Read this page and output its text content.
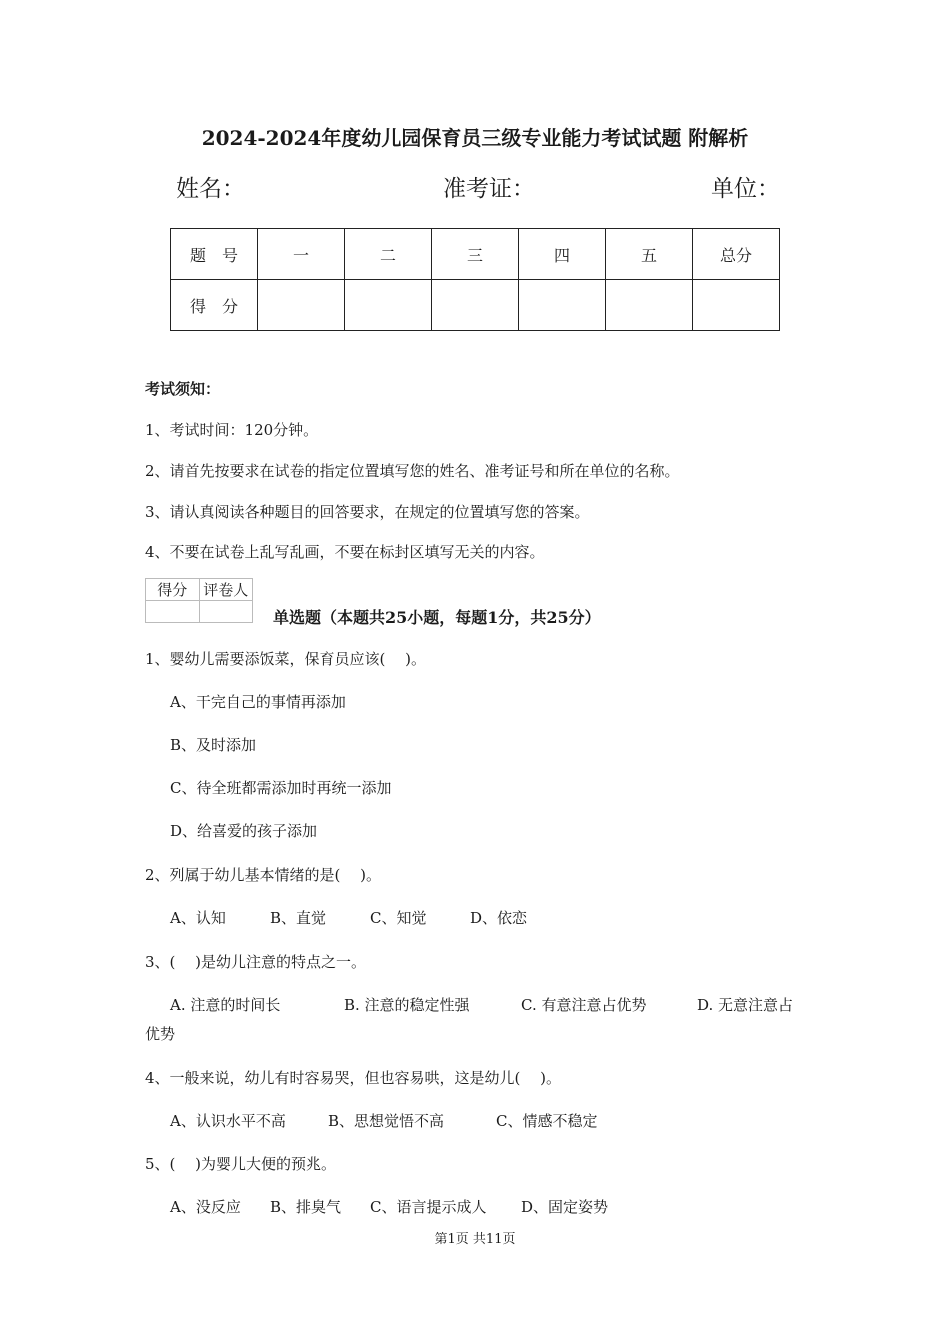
2024-2024年度幼儿园保育员三级专业能力考试试题 附解析
姓名：	准考证：	单位：
题　号	一	二	三	四	五	总分
得　分						
考试须知：
1、考试时间：120分钟。
2、请首先按要求在试卷的指定位置填写您的姓名、准考证号和所在单位的名称。
3、请认真阅读各种题目的回答要求，在规定的位置填写您的答案。
4、不要在试卷上乱写乱画，不要在标封区填写无关的内容。
得分	评卷人

单选题（本题共25小题，每题1分，共25分）
1、婴幼儿需要添饭菜，保育员应该(　 )。
A、干完自己的事情再添加
B、及时添加
C、待全班都需添加时再统一添加
D、给喜爱的孩子添加
2、列属于幼儿基本情绪的是(　 )。
A、认知	B、直觉	C、知觉	D、依恋
3、(　 )是幼儿注意的特点之一。
A. 注意的时间长	B. 注意的稳定性强	C. 有意注意占优势	D. 无意注意占
优势
4、一般来说，幼儿有时容易哭，但也容易哄，这是幼儿(　 )。
A、认识水平不高	B、思想觉悟不高	C、情感不稳定
5、(　 )为婴儿大便的预兆。
A、没反应 B、排臭气 C、语言提示成人 D、固定姿势
第1页 共11页
